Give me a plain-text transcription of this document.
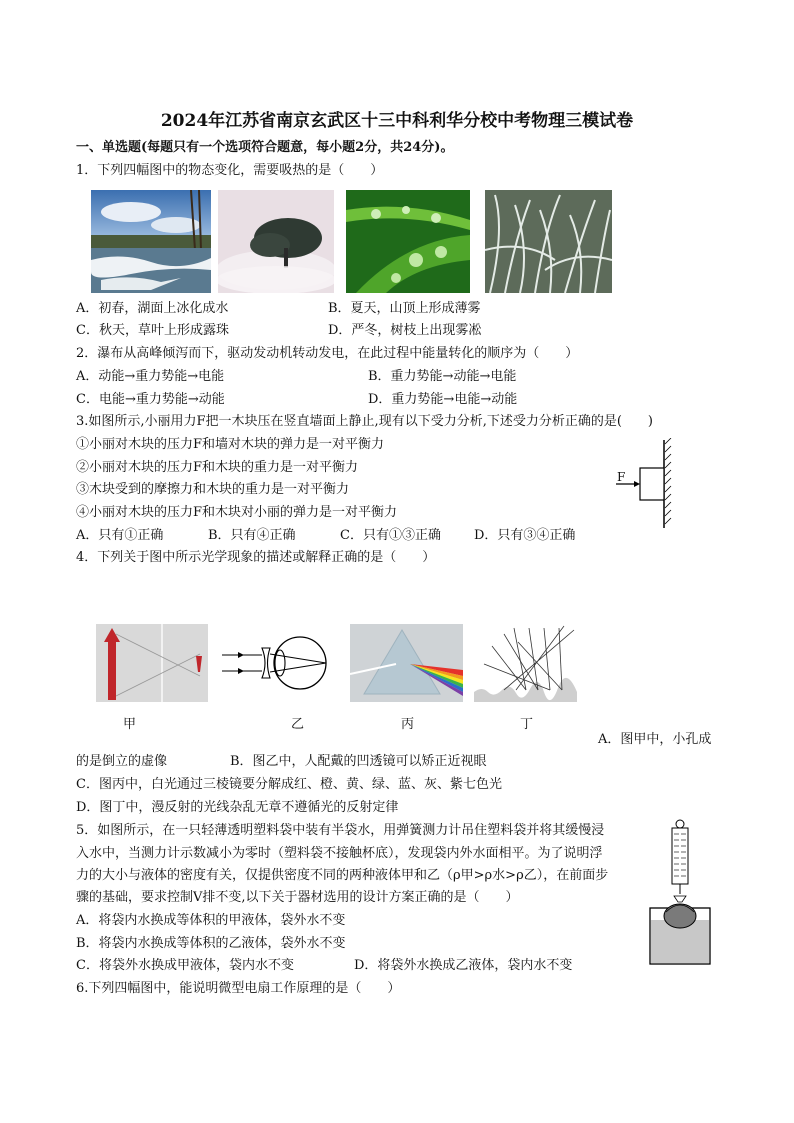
2024年江苏省南京玄武区十三中科利华分校中考物理三模试卷
一、单选题(每题只有一个选项符合题意，每小题2分，共24分)。
1．下列四幅图中的物态变化，需要吸热的是（　　）
A．初春，湖面上冰化成水	B．夏天，山顶上形成薄雾
C．秋天，草叶上形成露珠	D．严冬，树枝上出现雾凇
2．瀑布从高峰倾泻而下，驱动发动机转动发电，在此过程中能量转化的顺序为（　　）
A．动能→重力势能→电能	B．重力势能→动能→电能
C．电能→重力势能→动能	D．重力势能→电能→动能
3.如图所示,小丽用力F把一木块压在竖直墙面上静止,现有以下受力分析,下述受力分析正确的是(　　)
①小丽对木块的压力F和墙对木块的弹力是一对平衡力
②小丽对木块的压力F和木块的重力是一对平衡力
③木块受到的摩擦力和木块的重力是一对平衡力
④小丽对木块的压力F和木块对小丽的弹力是一对平衡力
F
A．只有①正确	B．只有④正确	C．只有①③正确	D．只有③④正确
4．下列关于图中所示光学现象的描述或解释正确的是（　　）
甲	乙	丙	丁
A．图甲中，小孔成
的是倒立的虚像	B．图乙中，人配戴的凹透镜可以矫正近视眼
C．图丙中，白光通过三棱镜要分解成红、橙、黄、绿、蓝、灰、紫七色光
D．图丁中，漫反射的光线杂乱无章不遵循光的反射定律
5．如图所示，在一只轻薄透明塑料袋中装有半袋水，用弹簧测力计吊住塑料袋并将其缓慢浸
入水中，当测力计示数减小为零时（塑料袋不接触杯底），发现袋内外水面相平。为了说明浮
力的大小与液体的密度有关，仅提供密度不同的两种液体甲和乙（ρ甲>ρ水>ρ乙），在前面步
骤的基础，要求控制V排不变,以下关于器材选用的设计方案正确的是（　　）
A．将袋内水换成等体积的甲液体，袋外水不变
B．将袋内水换成等体积的乙液体，袋外水不变
C．将袋外水换成甲液体，袋内水不变	D．将袋外水换成乙液体，袋内水不变
6.下列四幅图中，能说明微型电扇工作原理的是（　　）
